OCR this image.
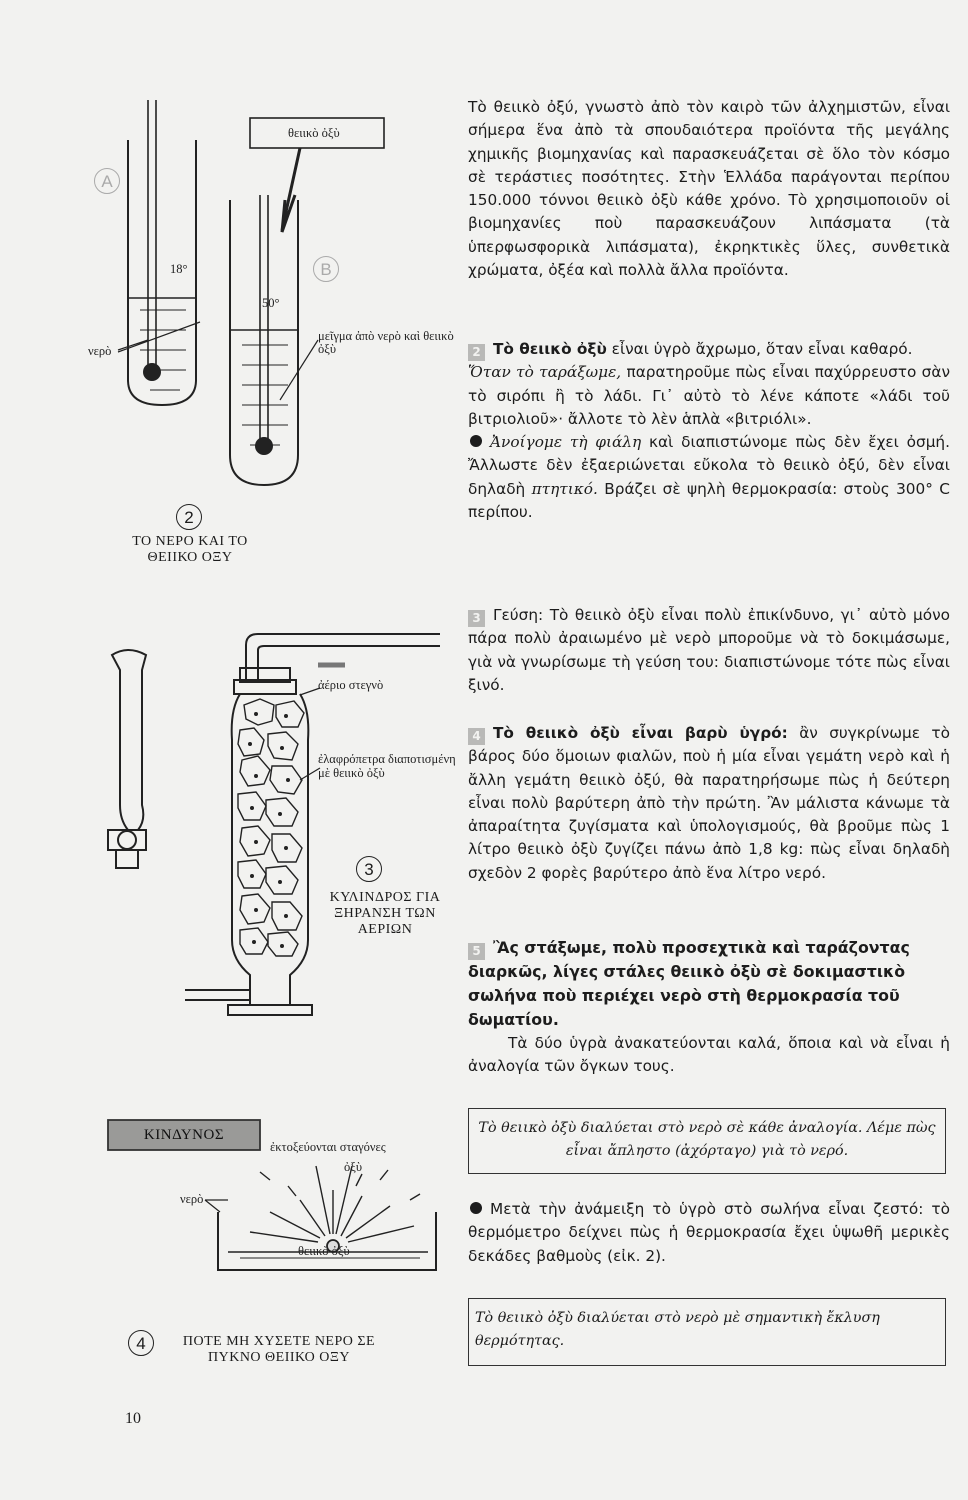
θειικὸ ὀξὺ
A
B
18°
50°
νερὸ
μεῖγμα ἀπὸ νερὸ καὶ θειικὸ ὀξὺ
2
ΤΟ ΝΕΡΟ ΚΑΙ ΤΟ ΘΕΙΙΚΟ ΟΞΥ
ἀέριο στεγνὸ
ἐλαφρόπετρα διαποτισμένη μὲ θειικὸ ὀξὺ
3
ΚΥΛΙΝΔΡΟΣ ΓΙΑ ΞΗΡΑΝΣΗ ΤΩΝ ΑΕΡΙΩΝ
ΚΙΝΔΥΝΟΣ
ἐκτοξεύονται σταγόνες
ὀξὺ
νερὸ
θειικὸ ὀξὺ
4	ΠΟΤΕ ΜΗ ΧΥΣΕΤΕ ΝΕΡΟ ΣΕ ΠΥΚΝΟ ΘΕΙΙΚΟ ΟΞΥ

Τὸ θειικὸ ὀξύ, γνωστὸ ἀπὸ τὸν καιρὸ τῶν ἀλχημιστῶν, εἶναι σήμερα ἕνα ἀπὸ τὰ σπουδαιότερα προϊόντα τῆς μεγάλης χημικῆς βιομηχανίας καὶ παρασκευάζεται σὲ ὅλο τὸν κόσμο σὲ τεράστιες ποσότητες. Στὴν Ἑλλάδα παράγονται περίπου 150.000 τόννοι θειικὸ ὀξὺ κάθε χρόνο. Τὸ χρησιμοποιοῦν οἱ βιομηχανίες ποὺ παρασκευάζουν λιπάσματα (τὰ ὑπερφωσφορικὰ λιπάσματα), ἐκρηκτικὲς ὕλες, συνθετικὰ χρώματα, ὀξέα καὶ πολλὰ ἄλλα προϊόντα.

2 Τὸ θειικὸ ὀξὺ εἶναι ὑγρὸ ἄχρωμο, ὅταν εἶναι καθαρό.

Ὅταν τὸ ταράξωμε, παρατηροῦμε πὼς εἶναι παχύρρευστο σὰν τὸ σιρόπι ἢ τὸ λάδι. Γι᾽ αὐτὸ τὸ λένε κάποτε «λάδι τοῦ βιτριολιοῦ»· ἄλλοτε τὸ λὲν ἁπλὰ «βιτριόλι».

Ἀνοίγομε τὴ φιάλη καὶ διαπιστώνομε πὼς δὲν ἔχει ὀσμή. Ἄλλωστε δὲν ἐξαεριώνεται εὔκολα τὸ θειικὸ ὀξύ, δὲν εἶναι δηλαδὴ πτητικό. Βράζει σὲ ψηλὴ θερμοκρασία: στοὺς 300° C περίπου.

3 Γεύση: Τὸ θειικὸ ὀξὺ εἶναι πολὺ ἐπικίνδυνο, γι᾽ αὐτὸ μόνο πάρα πολὺ ἀραιωμένο μὲ νερὸ μποροῦμε νὰ τὸ δοκιμάσωμε, γιὰ νὰ γνωρίσωμε τὴ γεύση του: διαπιστώνομε τότε πὼς εἶναι ξινό.

4 Τὸ θειικὸ ὀξὺ εἶναι βαρὺ ὑγρό: ἂν συγκρίνωμε τὸ βάρος δύο ὅμοιων φιαλῶν, ποὺ ἡ μία εἶναι γεμάτη νερὸ καὶ ἡ ἄλλη γεμάτη θειικὸ ὀξύ, θὰ παρατηρήσωμε πὼς ἡ δεύτερη εἶναι πολὺ βαρύτερη ἀπὸ τὴν πρώτη. Ἂν μάλιστα κάνωμε τὰ ἀπαραίτητα ζυγίσματα καὶ ὑπολογισμούς, θὰ βροῦμε πὼς 1 λίτρο θειικὸ ὀξὺ ζυγίζει πάνω ἀπὸ 1,8 kg: πὼς εἶναι δηλαδὴ σχεδὸν 2 φορὲς βαρύτερο ἀπὸ ἕνα λίτρο νερό.

5 Ἂς στάξωμε, πολὺ προσεχτικὰ καὶ ταράζοντας διαρκῶς, λίγες στάλες θειικὸ ὀξὺ σὲ δοκιμαστικὸ σωλήνα ποὺ περιέχει νερὸ στὴ θερμοκρασία τοῦ δωματίου.

Τὰ δύο ὑγρὰ ἀνακατεύονται καλά, ὅποια καὶ νὰ εἶναι ἡ ἀναλογία τῶν ὄγκων τους.

Τὸ θειικὸ ὀξὺ διαλύεται στὸ νερὸ σὲ κάθε ἀναλογία. Λέμε πὼς εἶναι ἄπληστο (ἀχόρταγο) γιὰ τὸ νερό.

Μετὰ τὴν ἀνάμειξη τὸ ὑγρὸ στὸ σωλήνα εἶναι ζεστό: τὸ θερμόμετρο δείχνει πὼς ἡ θερμοκρασία ἔχει ὑψωθῆ μερικὲς δεκάδες βαθμοὺς (εἰκ. 2).

Τὸ θειικὸ ὀξὺ διαλύεται στὸ νερὸ μὲ σημαντικὴ ἔκλυση θερμότητας.
10
